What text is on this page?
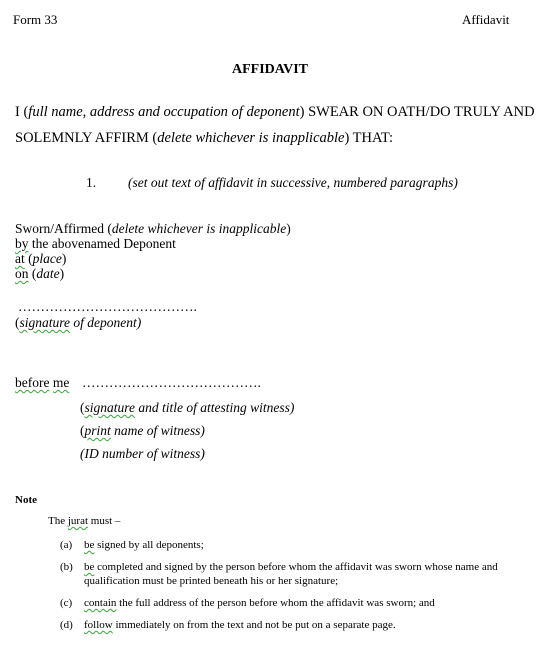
Form 33	Affidavit
AFFIDAVIT
I (full name, address and occupation of deponent) SWEAR ON OATH/DO TRULY AND
SOLEMNLY AFFIRM (delete whichever is inapplicable) THAT:
1. (set out text of affidavit in successive, numbered paragraphs)
Sworn/Affirmed (delete whichever is inapplicable)
by the abovenamed Deponent
at (place)
on (date)
………………………………….
(signature of deponent)
before me ………………………………….
(signature and title of attesting witness)
(print name of witness)
(ID number of witness)
Note
The jurat must –
(a) be signed by all deponents;
(b) be completed and signed by the person before whom the affidavit was sworn whose name and
qualification must be printed beneath his or her signature;
(c) contain the full address of the person before whom the affidavit was sworn; and
(d) follow immediately on from the text and not be put on a separate page.
